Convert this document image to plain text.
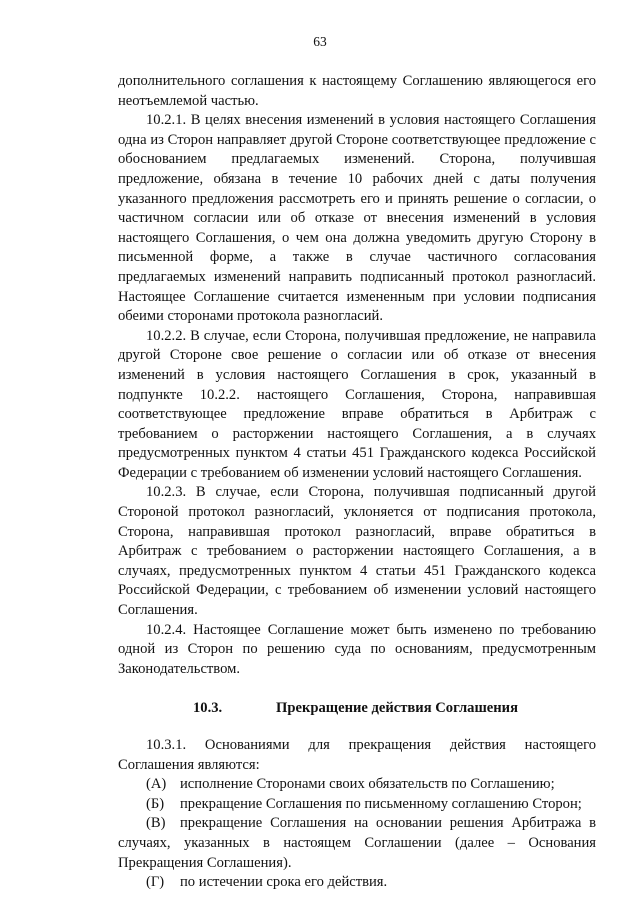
63

дополнительного соглашения к настоящему Соглашению являющегося его неотъемлемой частью.

10.2.1. В целях внесения изменений в условия настоящего Соглашения одна из Сторон направляет другой Стороне соответствующее предложение с обоснованием предлагаемых изменений. Сторона, получившая предложение, обязана в течение 10 рабочих дней с даты получения указанного предложения рассмотреть его и принять решение о согласии, о частичном согласии или об отказе от внесения изменений в условия настоящего Соглашения, о чем она должна уведомить другую Сторону в письменной форме, а также в случае частичного согласования предлагаемых изменений направить подписанный протокол разногласий. Настоящее Соглашение считается измененным при условии подписания обеими сторонами протокола разногласий.

10.2.2. В случае, если Сторона, получившая предложение, не направила другой Стороне свое решение о согласии или об отказе от внесения изменений в условия настоящего Соглашения в срок, указанный в подпункте 10.2.2. настоящего Соглашения, Сторона, направившая соответствующее предложение вправе обратиться в Арбитраж с требованием о расторжении настоящего Соглашения, а в случаях предусмотренных пунктом 4 статьи 451 Гражданского кодекса Российской Федерации с требованием об изменении условий настоящего Соглашения.

10.2.3. В случае, если Сторона, получившая подписанный другой Стороной протокол разногласий, уклоняется от подписания протокола, Сторона, направившая протокол разногласий, вправе обратиться в Арбитраж с требованием о расторжении настоящего Соглашения, а в случаях, предусмотренных пунктом 4 статьи 451 Гражданского кодекса Российской Федерации, с требованием об изменении условий настоящего Соглашения.

10.2.4. Настоящее Соглашение может быть изменено по требованию одной из Сторон по решению суда по основаниям, предусмотренным Законодательством.

10.3.	Прекращение действия Соглашения

10.3.1. Основаниями для прекращения действия настоящего Соглашения являются:

(А) исполнение Сторонами своих обязательств по Соглашению;

(Б) прекращение Соглашения по письменному соглашению Сторон;

(В) прекращение Соглашения на основании решения Арбитража в случаях, указанных в настоящем Соглашении (далее – Основания Прекращения Соглашения).

(Г) по истечении срока его действия.
